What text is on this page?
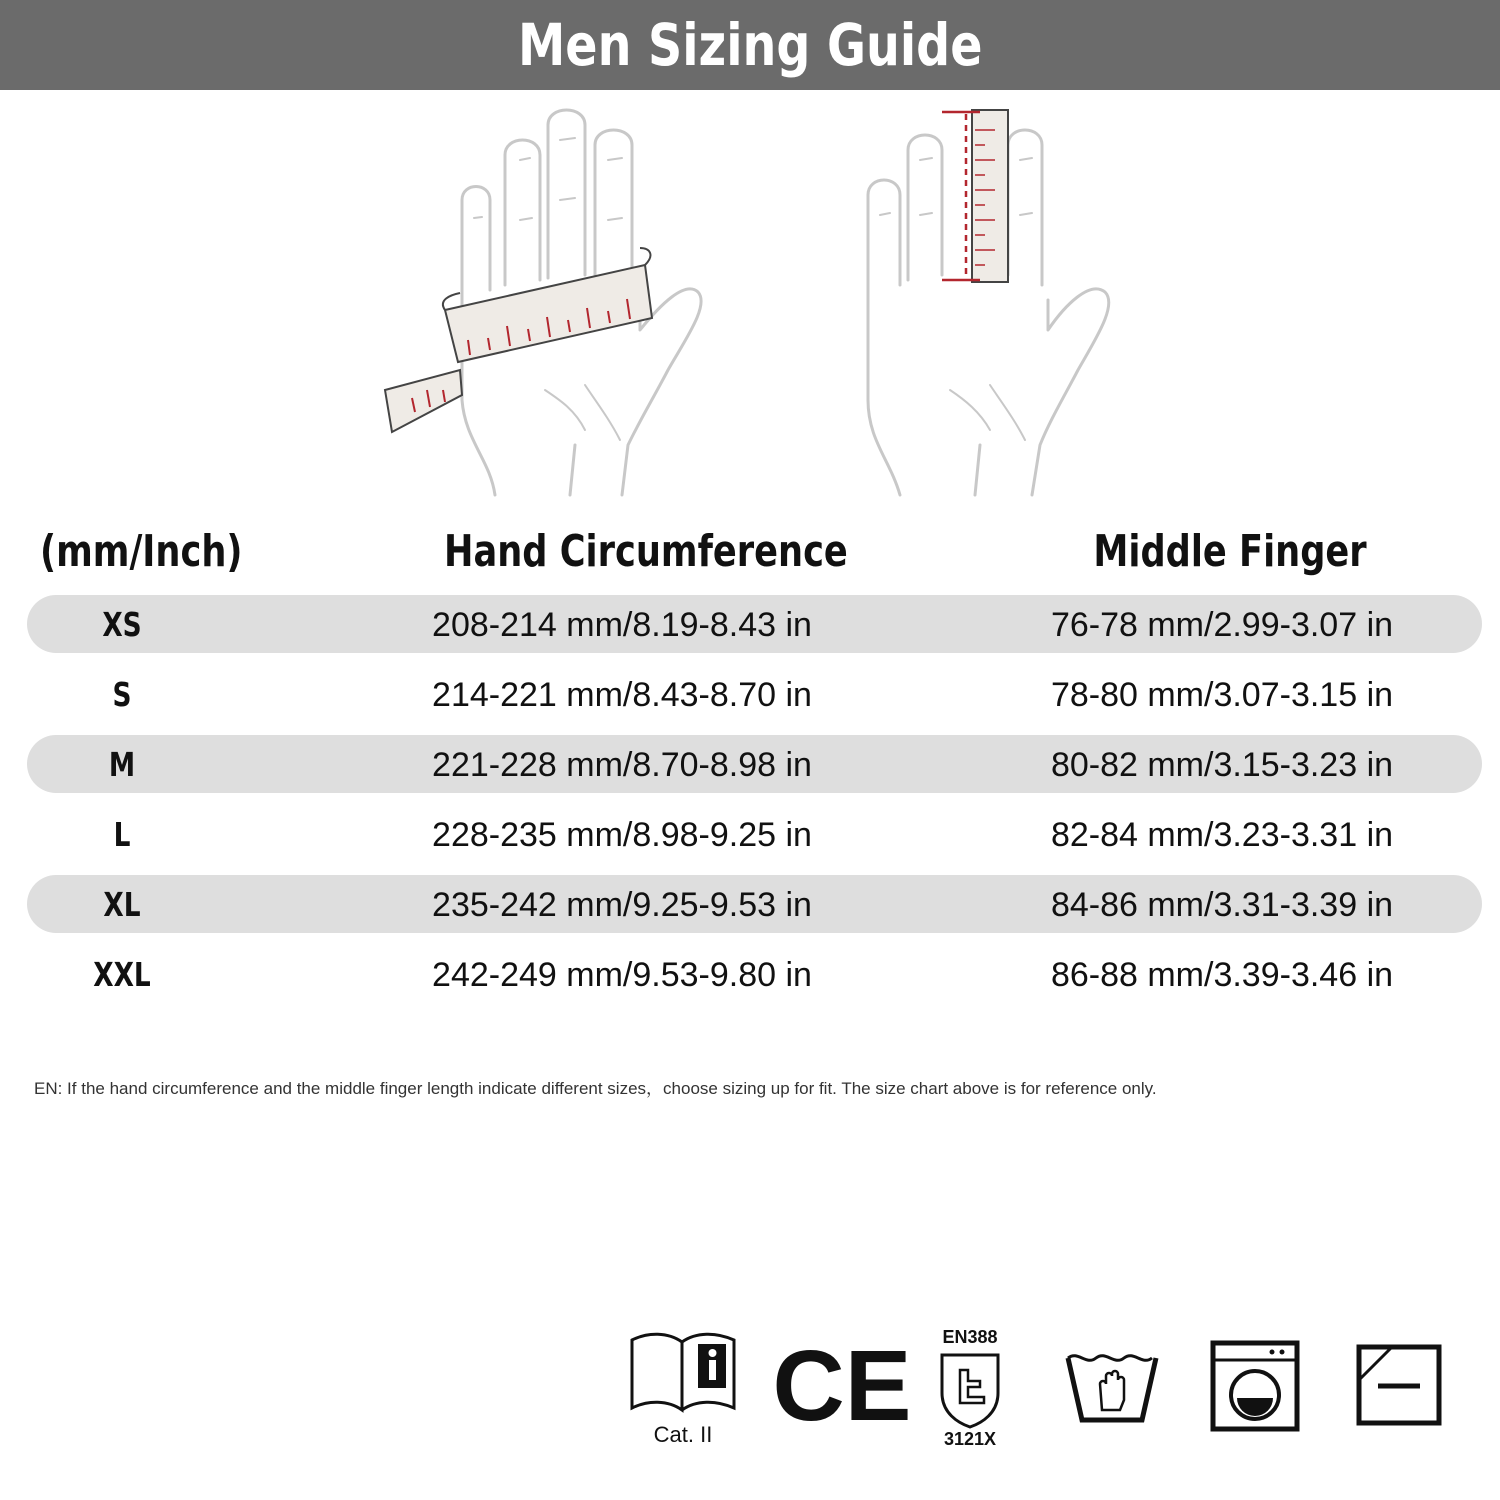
Men Sizing Guide
(mm/Inch)	Hand Circumference	Middle Finger
XS	208-214 mm/8.19-8.43 in	76-78 mm/2.99-3.07 in
S	214-221 mm/8.43-8.70 in	78-80 mm/3.07-3.15 in
M	221-228 mm/8.70-8.98 in	80-82 mm/3.15-3.23 in
L	228-235 mm/8.98-9.25 in	82-84 mm/3.23-3.31 in
XL	235-242 mm/9.25-9.53 in	84-86 mm/3.31-3.39 in
XXL	242-249 mm/9.53-9.80 in	86-88 mm/3.39-3.46 in
EN: If the hand circumference and the middle finger length indicate different sizes，choose sizing up for fit. The size chart above is for reference only.
Cat. II CE EN388
3121X
